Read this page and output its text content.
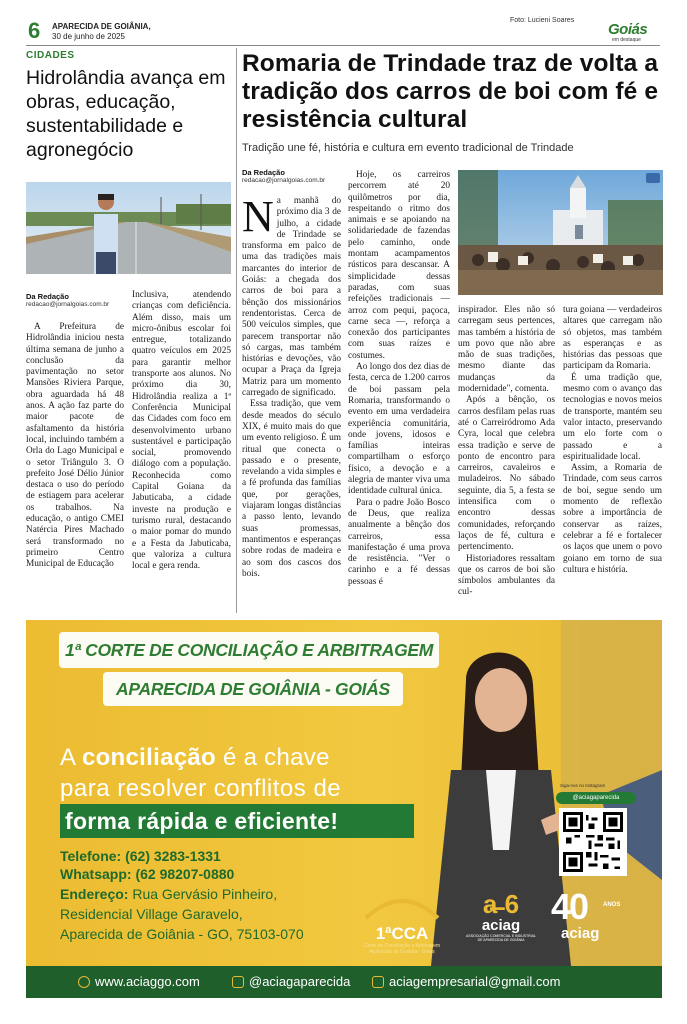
6 APARECIDA DE GOIÂNIA,
30 de junho de 2025
Foto: Lucieni Soares
Goiás
em destaque
CIDADES
Hidrolândia avança em obras, educação, sustentabilidade e agronegócio
Da Redação
redacao@jornalgoias.com.br

A Prefeitura de Hidrolândia iniciou nesta última semana de junho a conclusão da pavimentação no setor Mansões Riviera Parque, obra aguardada há 48 anos. A ação faz parte do maior pacote de asfaltamento da história local, incluindo também a Orla do Lago Municipal e o setor Triângulo 3. O prefeito José Délio Júnior destaca o uso do período de estiagem para acelerar os trabalhos. Na educação, o antigo CMEI Natércia Pires Machado será transformado no primeiro Centro Municipal de Educação

Inclusiva, atendendo crianças com deficiência. Além disso, mais um micro-ônibus escolar foi entregue, totalizando quatro veículos em 2025 para garantir melhor transporte aos alunos. No próximo dia 30, Hidrolândia realiza a 1ª Conferência Municipal das Cidades com foco em desenvolvimento urbano sustentável e participação social, promovendo diálogo com a população. Reconhecida como Capital Goiana da Jabuticaba, a cidade investe na produção e turismo rural, destacando o maior pomar do mundo e a Festa da Jabuticaba, que valoriza a cultura local e gera renda.

Romaria de Trindade traz de volta a tradição dos carros de boi com fé e resistência cultural
Tradição une fé, história e cultura em evento tradicional de Trindade
Da Redação
redacao@jornalgoias.com.br

Na manhã do próximo dia 3 de julho, a cidade de Trindade se transforma em palco de uma das tradições mais marcantes do interior de Goiás: a chegada dos carros de boi para a bênção dos missionários rendentoristas. Cerca de 500 veículos simples, que parecem transportar não só cargas, mas também histórias e devoções, vão ocupar a Praça da Igreja Matriz para um momento carregado de significado.

Essa tradição, que vem desde meados do século XIX, é muito mais do que um evento religioso. É um ritual que conecta o passado e o presente, revelando a vida simples e a fé profunda das famílias que, por gerações, viajaram longas distâncias a passo lento, levando suas promessas, mantimentos e esperanças sobre rodas de madeira e ao som dos cascos dos bois.

Hoje, os carreiros percorrem até 20 quilômetros por dia, respeitando o ritmo dos animais e se apoiando na solidariedade de fazendas pelo caminho, onde montam acampamentos rústicos para descansar. A simplicidade dessas paradas, com suas refeições tradicionais — arroz com pequi, paçoca, carne seca —, reforça a conexão dos participantes com suas raízes e costumes.

Ao longo dos dez dias de festa, cerca de 1.200 carros de boi passam pela Romaria, transformando o evento em uma verdadeira experiência comunitária, onde jovens, idosos e famílias inteiras compartilham o esforço físico, a devoção e a alegria de manter viva uma identidade cultural única.

Para o padre João Bosco de Deus, que realiza anualmente a bênção dos carreiros, essa manifestação é uma prova de resistência. "Ver o carinho e a fé dessas pessoas é

inspirador. Eles não só carregam seus pertences, mas também a história de um povo que não abre mão de suas tradições, mesmo diante das mudanças da modernidade", comenta.

Após a bênção, os carros desfilam pelas ruas até o Carreiródromo Ada Cyra, local que celebra essa tradição e serve de ponto de encontro para carreiros, cavaleiros e muladeiros. No sábado seguinte, dia 5, a festa se intensifica com o encontro dessas comunidades, reforçando laços de fé, cultura e pertencimento.

Historiadores ressaltam que os carros de boi são símbolos ambulantes da cul-

tura goiana — verdadeiros altares que carregam não só objetos, mas também as esperanças e as histórias das pessoas que participam da Romaria.

É uma tradição que, mesmo com o avanço das tecnologias e novos meios de transporte, mantém seu valor intacto, preservando um elo forte com o passado e a espiritualidade local.

Assim, a Romaria de Trindade, com seus carros de boi, segue sendo um momento de reflexão sobre a importância de conservar as raízes, celebrar a fé e fortalecer os laços que unem o povo goiano em torno de sua cultura e história.

1ª CORTE DE CONCILIAÇÃO E ARBITRAGEM
APARECIDA DE GOIÂNIA - GOIÁS
A conciliação é a chave
para resolver conflitos de
forma rápida e eficiente!
Telefone: (62) 3283-1331
Whatsapp: (62 98207-0880
Endereço: Rua Gervásio Pinheiro,
Residencial Village Garavelo,
Aparecida de Goiânia - GO, 75103-070
Siga-nos no Instagram
@aciagaparecida
1ªCCA
Corte de Conciliação e Arbitragem Aparecida de Goiânia - Goiás
a̶ 6
aciag
ASSOCIAÇÃO COMERCIAL E INDUSTRIAL DE APARECIDA DE GOIÂNIA
40	ANOS
aciag
www.aciaggo.com	@aciagaparecida	aciagempresarial@gmail.com
